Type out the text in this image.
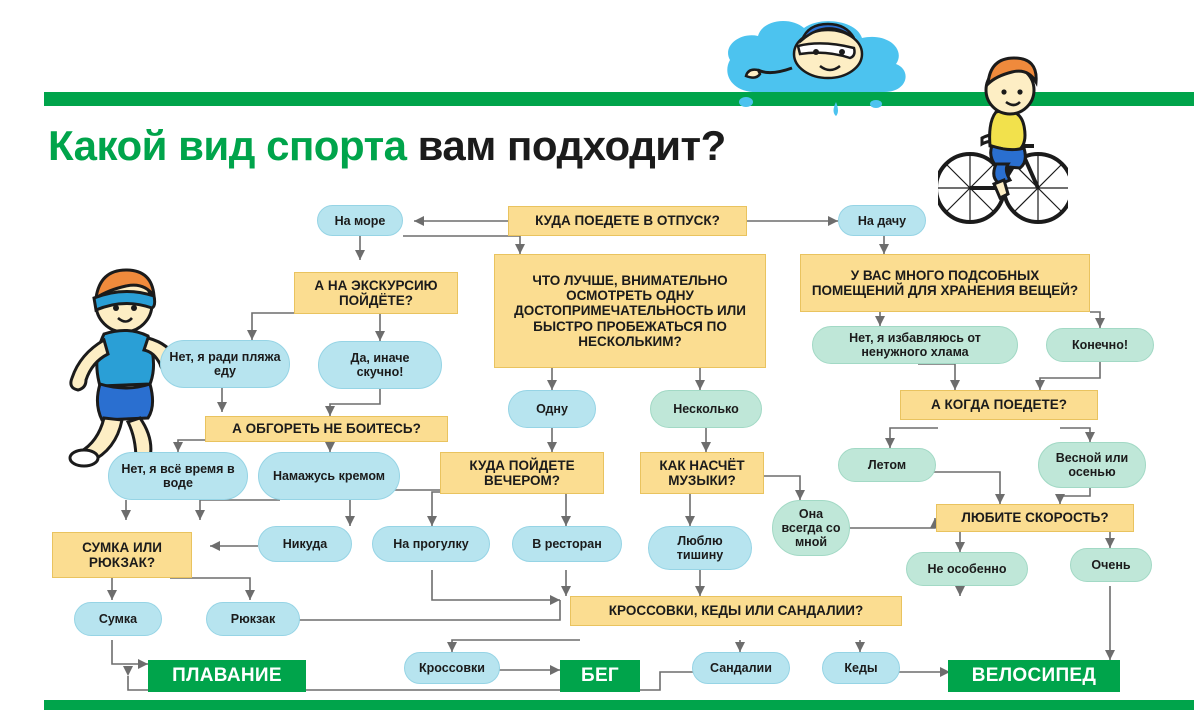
Какой вид спорта вам подходит?
КУДА ПОЕДЕТЕ В ОТПУСК?
На море	На дачу
А НА ЭКСКУРСИЮ ПОЙДЁТЕ?
У ВАС МНОГО ПОДСОБНЫХ ПОМЕЩЕНИЙ ДЛЯ ХРАНЕНИЯ ВЕЩЕЙ?
ЧТО ЛУЧШЕ, ВНИМАТЕЛЬНО ОСМОТРЕТЬ ОДНУ ДОСТОПРИМЕЧАТЕЛЬНОСТЬ ИЛИ БЫСТРО ПРОБЕЖАТЬСЯ ПО НЕСКОЛЬКИМ?
Нет, я ради пляжа еду
Да, иначе скучно!
Нет, я избавляюсь от ненужного хлама	Конечно!
Одну	Несколько
А ОБГОРЕТЬ НЕ БОИТЕСЬ?
А КОГДА ПОЕДЕТЕ?
Нет, я всё время в воде	Намажусь кремом
КУДА ПОЙДЕТЕ ВЕЧЕРОМ?
КАК НАСЧЁТ МУЗЫКИ?
Летом	Весной или осенью
Никуда	На прогулку	В ресторан	Люблю тишину
Она всегда со мной
ЛЮБИТЕ СКОРОСТЬ?
СУМКА ИЛИ РЮКЗАК?	Не особенно	Очень
Сумка	Рюкзак
КРОССОВКИ, КЕДЫ ИЛИ САНДАЛИИ?
Кроссовки	Сандалии	Кеды
ПЛАВАНИЕ	БЕГ	ВЕЛОСИПЕД
